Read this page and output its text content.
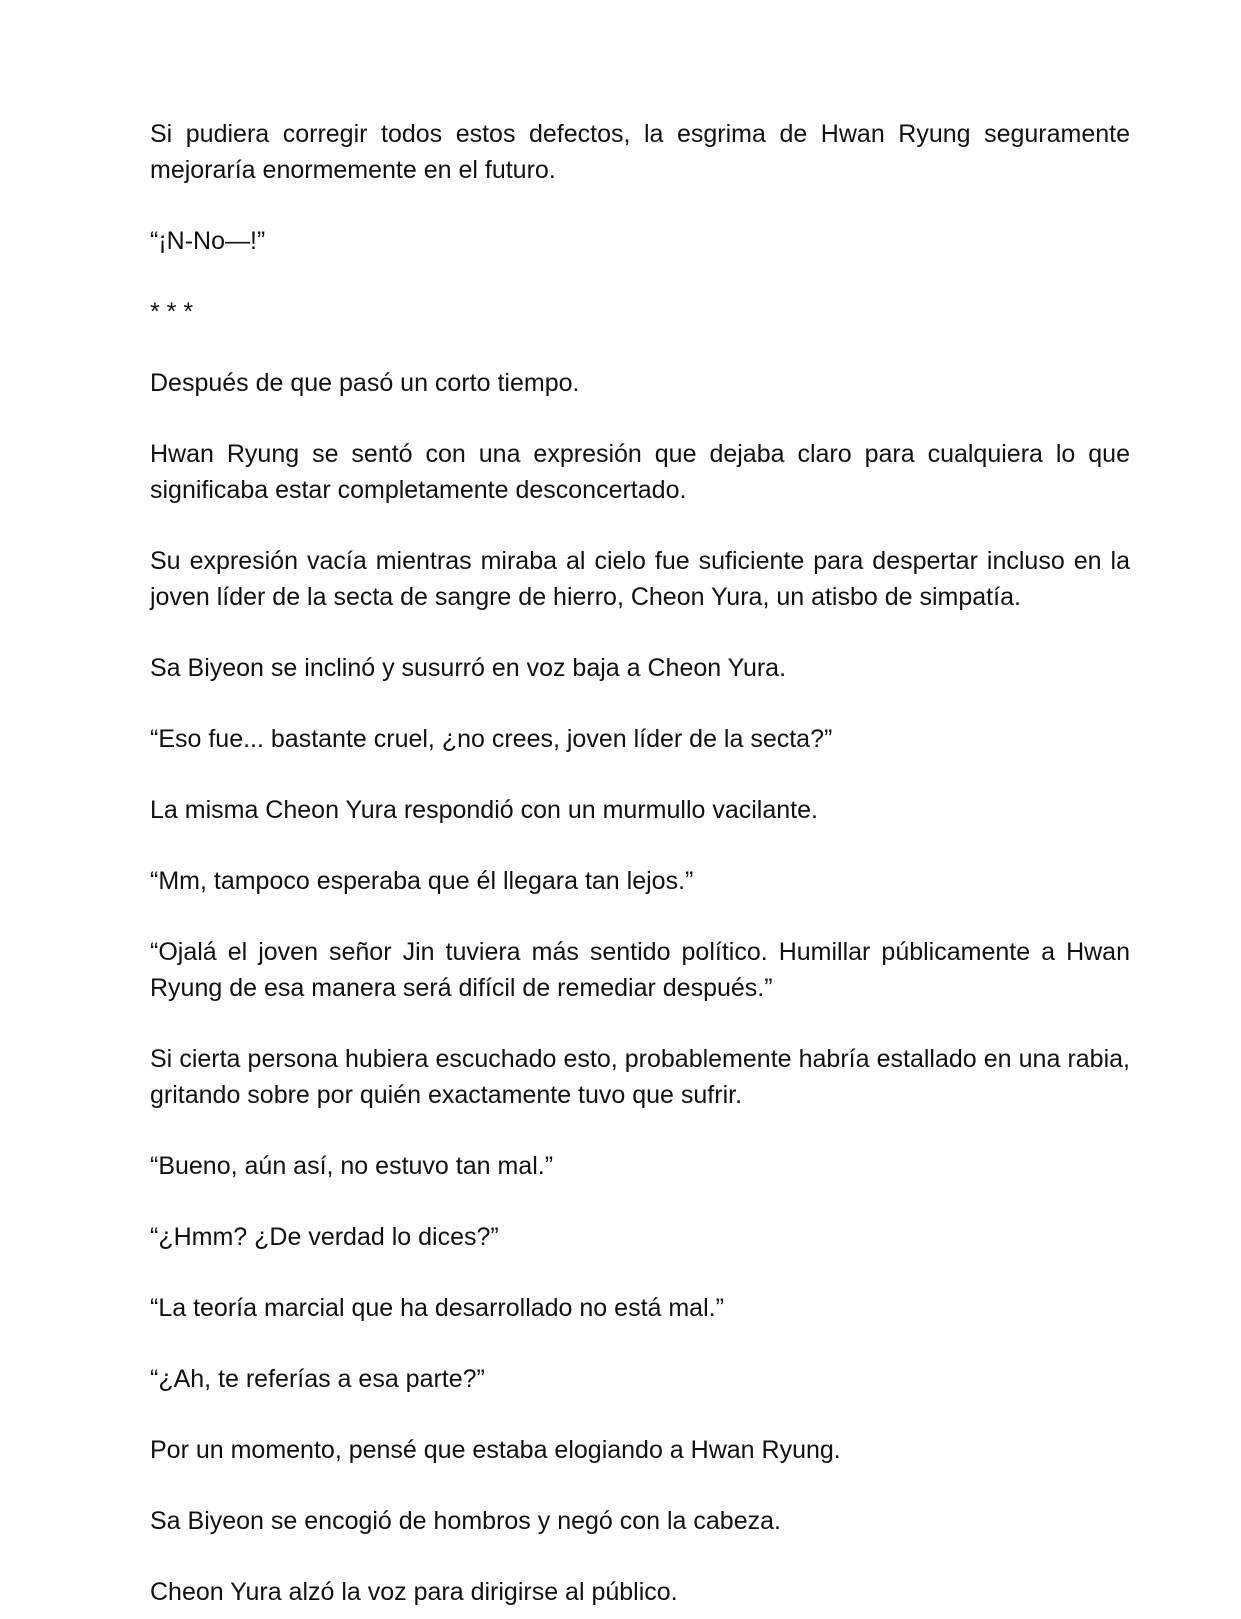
Si pudiera corregir todos estos defectos, la esgrima de Hwan Ryung seguramente mejoraría enormemente en el futuro.

“¡N-No—!”

* * *

Después de que pasó un corto tiempo.

Hwan Ryung se sentó con una expresión que dejaba claro para cualquiera lo que significaba estar completamente desconcertado.

Su expresión vacía mientras miraba al cielo fue suficiente para despertar incluso en la joven líder de la secta de sangre de hierro, Cheon Yura, un atisbo de simpatía.

Sa Biyeon se inclinó y susurró en voz baja a Cheon Yura.

“Eso fue... bastante cruel, ¿no crees, joven líder de la secta?”

La misma Cheon Yura respondió con un murmullo vacilante.

“Mm, tampoco esperaba que él llegara tan lejos.”

“Ojalá el joven señor Jin tuviera más sentido político. Humillar públicamente a Hwan Ryung de esa manera será difícil de remediar después.”

Si cierta persona hubiera escuchado esto, probablemente habría estallado en una rabia, gritando sobre por quién exactamente tuvo que sufrir.

“Bueno, aún así, no estuvo tan mal.”

“¿Hmm? ¿De verdad lo dices?”

“La teoría marcial que ha desarrollado no está mal.”

“¿Ah, te referías a esa parte?”

Por un momento, pensé que estaba elogiando a Hwan Ryung.

Sa Biyeon se encogió de hombros y negó con la cabeza.

Cheon Yura alzó la voz para dirigirse al público.
